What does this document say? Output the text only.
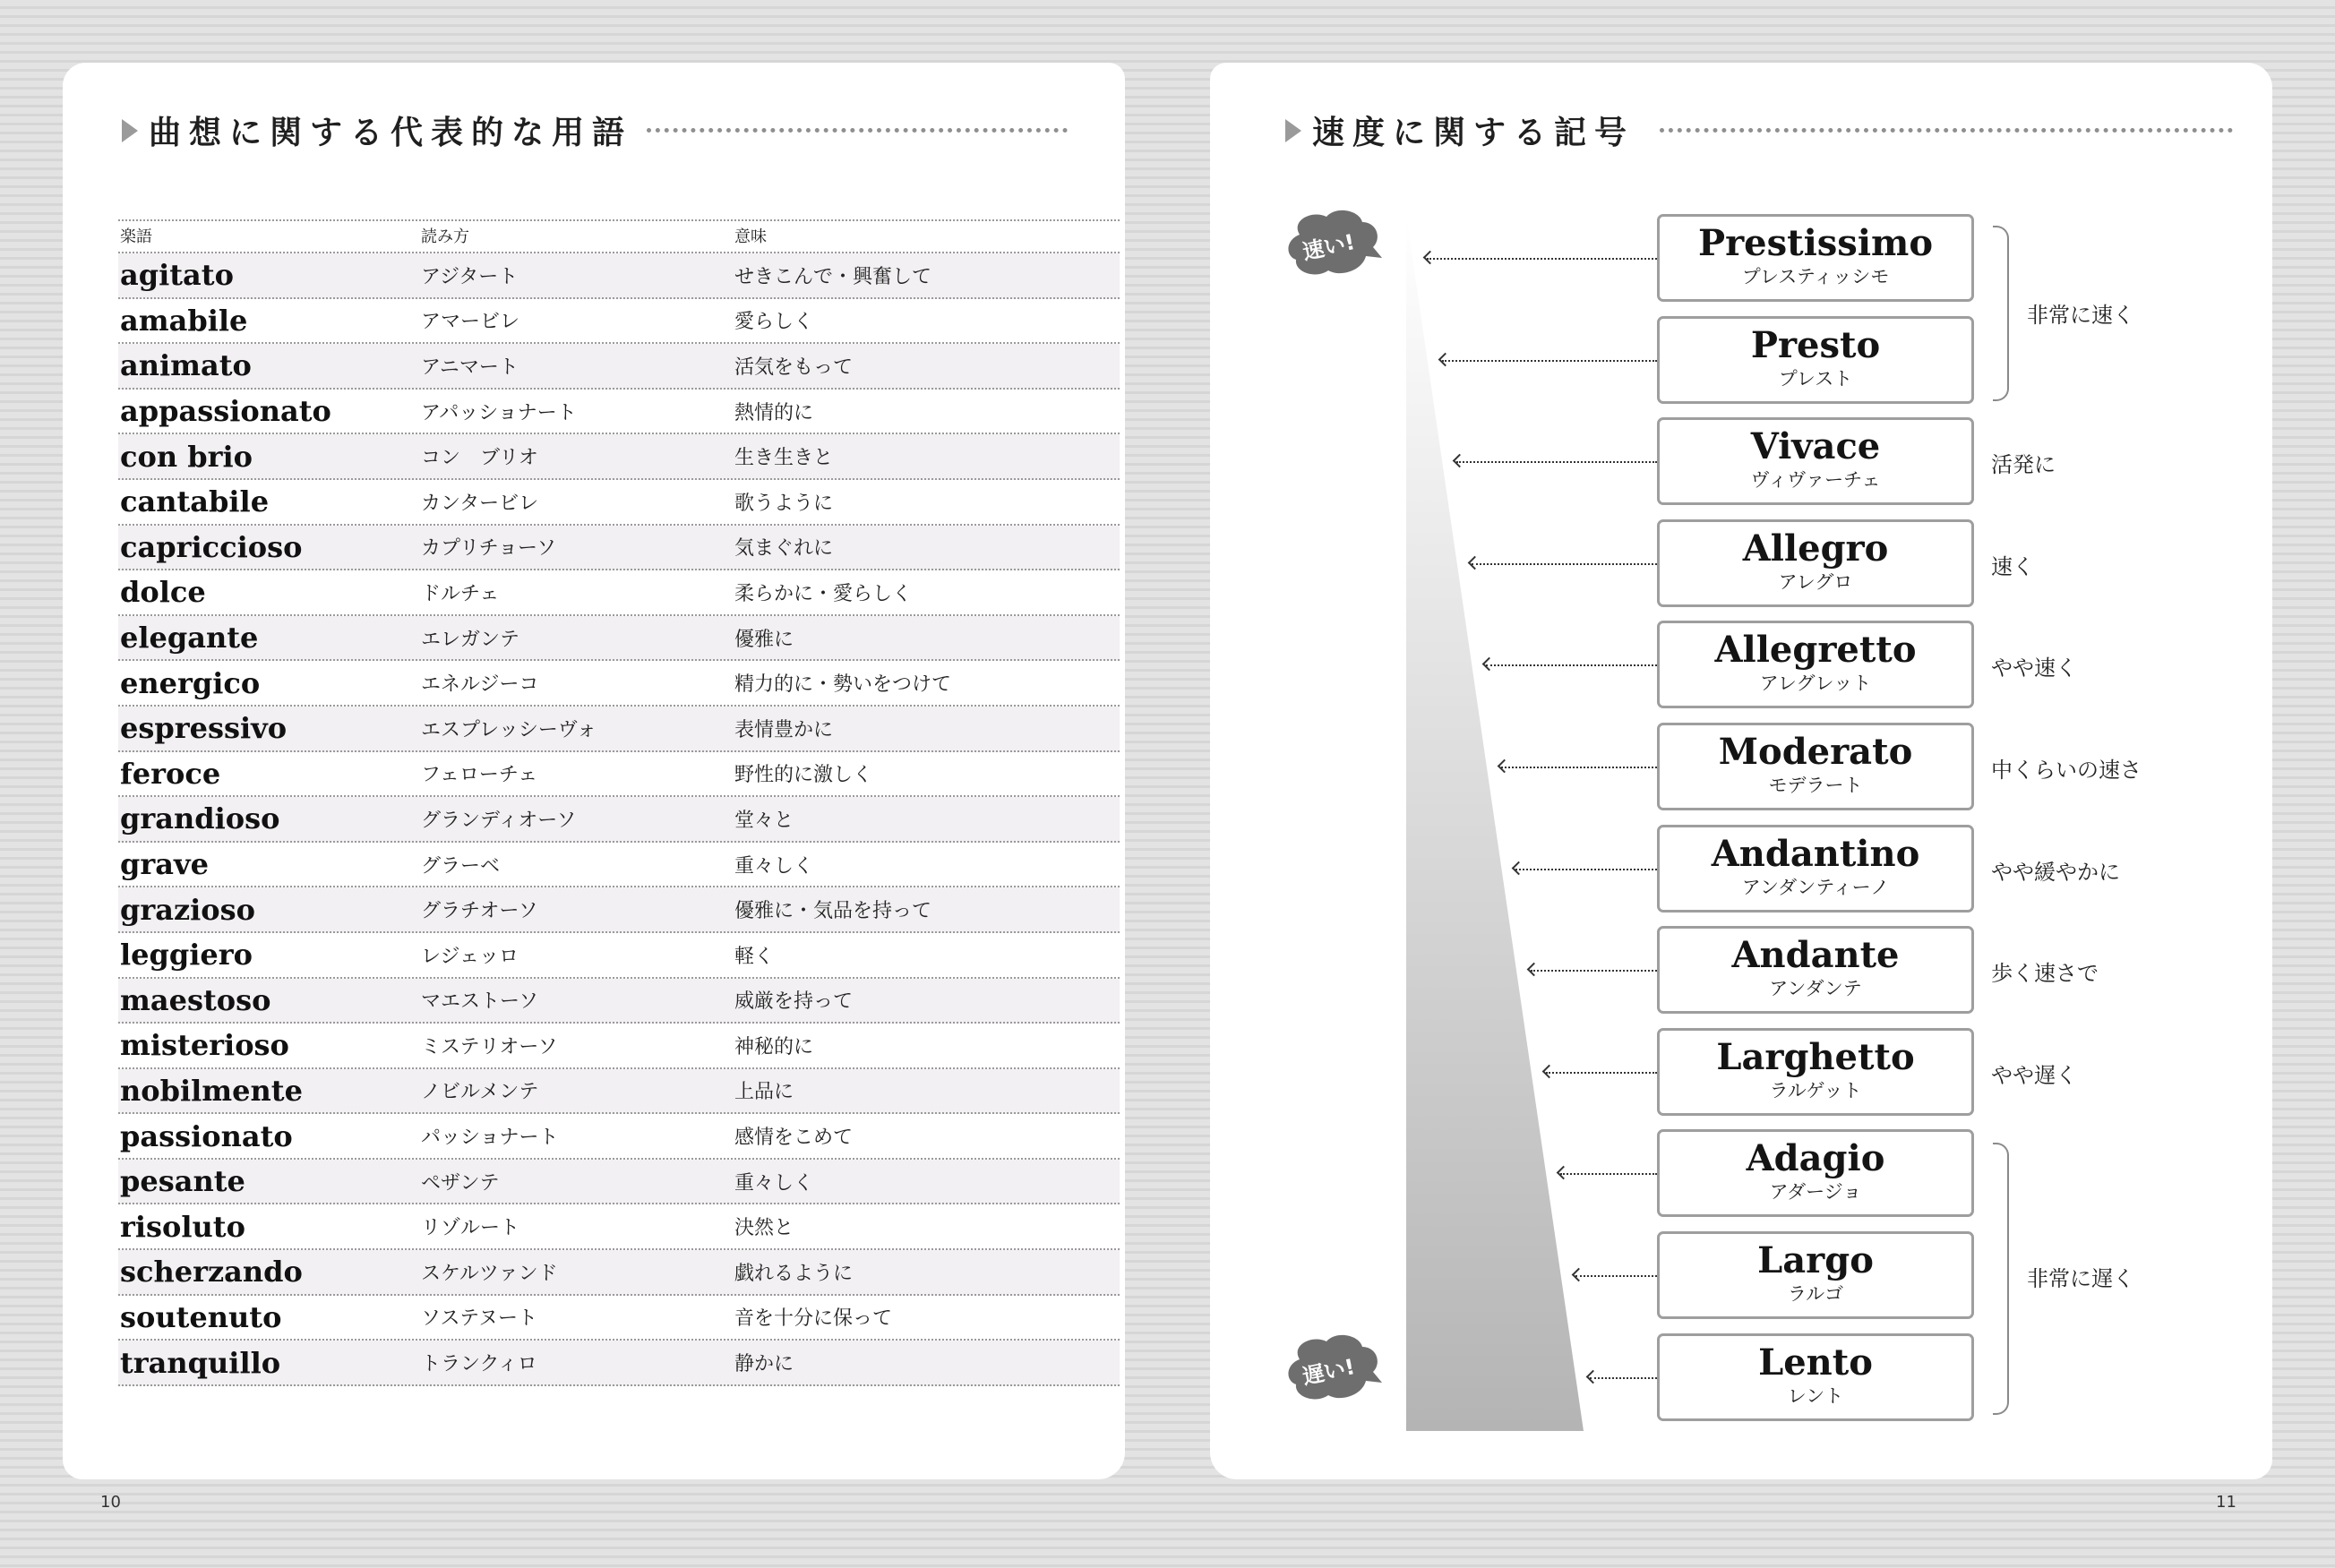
曲想に関する代表的な用語
楽語	読み方	意味
agitato	アジタート	せきこんで・興奮して
amabile	アマービレ	愛らしく
animato	アニマート	活気をもって
appassionato	アパッショナート	熱情的に
con brio	コン　ブリオ	生き生きと
cantabile	カンタービレ	歌うように
capriccioso	カプリチョーソ	気まぐれに
dolce	ドルチェ	柔らかに・愛らしく
elegante	エレガンテ	優雅に
energico	エネルジーコ	精力的に・勢いをつけて
espressivo	エスプレッシーヴォ	表情豊かに
feroce	フェローチェ	野性的に激しく
grandioso	グランディオーソ	堂々と
grave	グラーベ	重々しく
grazioso	グラチオーソ	優雅に・気品を持って
leggiero	レジェッロ	軽く
maestoso	マエストーソ	威厳を持って
misterioso	ミステリオーソ	神秘的に
nobilmente	ノビルメンテ	上品に
passionato	パッショナート	感情をこめて
pesante	ペザンテ	重々しく
risoluto	リゾルート	決然と
scherzando	スケルツァンド	戯れるように
soutenuto	ソステヌート	音を十分に保って
tranquillo	トランクィロ	静かに
10
速度に関する記号
速い!
遅い!
非常に速く
非常に遅く
Prestissimo
プレスティッシモ
Presto
プレスト
Vivace
ヴィヴァーチェ
活発に
Allegro
アレグロ
速く
Allegretto
アレグレット
やや速く
Moderato
モデラート
中くらいの速さ
Andantino
アンダンティーノ
やや緩やかに
Andante
アンダンテ
歩く速さで
Larghetto
ラルゲット
やや遅く
Adagio
アダージョ
Largo
ラルゴ
Lento
レント
11
